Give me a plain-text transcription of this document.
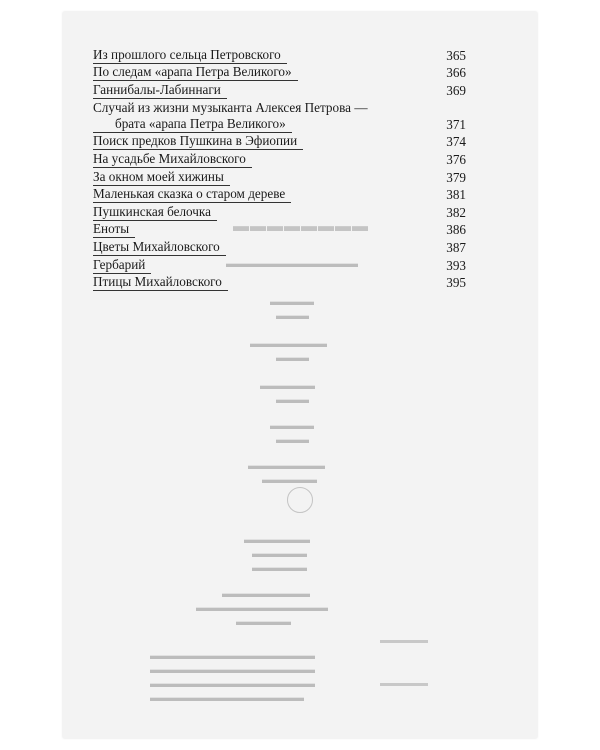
▬▬▬▬▬▬▬▬
▬▬▬▬▬▬▬▬▬▬▬▬
▬▬▬▬
▬▬▬
▬▬▬▬▬▬▬
▬▬▬
▬▬▬▬▬
▬▬▬
▬▬▬▬
▬▬▬
▬▬▬▬▬▬▬
▬▬▬▬▬
▬▬▬▬▬▬
▬▬▬▬▬
▬▬▬▬▬
▬▬▬▬▬▬▬▬
▬▬▬▬▬▬▬▬▬▬▬▬
▬▬▬▬▬
▬▬▬▬▬▬▬▬▬▬▬▬▬▬▬
▬▬▬▬▬▬▬▬▬▬▬▬▬▬▬
▬▬▬▬▬▬▬▬▬▬▬▬▬▬▬
▬▬▬▬▬▬▬▬▬▬▬▬▬▬
Из прошлого сельца Петровского	365
По следам «арапа Петра Великого»	366
Ганнибалы-Лабиннаги	369
Случай из жизни музыканта Алексея Петрова —
брата «арапа Петра Великого»	371
Поиск предков Пушкина в Эфиопии	374
На усадьбе Михайловского	376
За окном моей хижины	379
Маленькая сказка о старом дереве	381
Пушкинская белочка	382
Еноты	386
Цветы Михайловского	387
Гербарий	393
Птицы Михайловского	395
